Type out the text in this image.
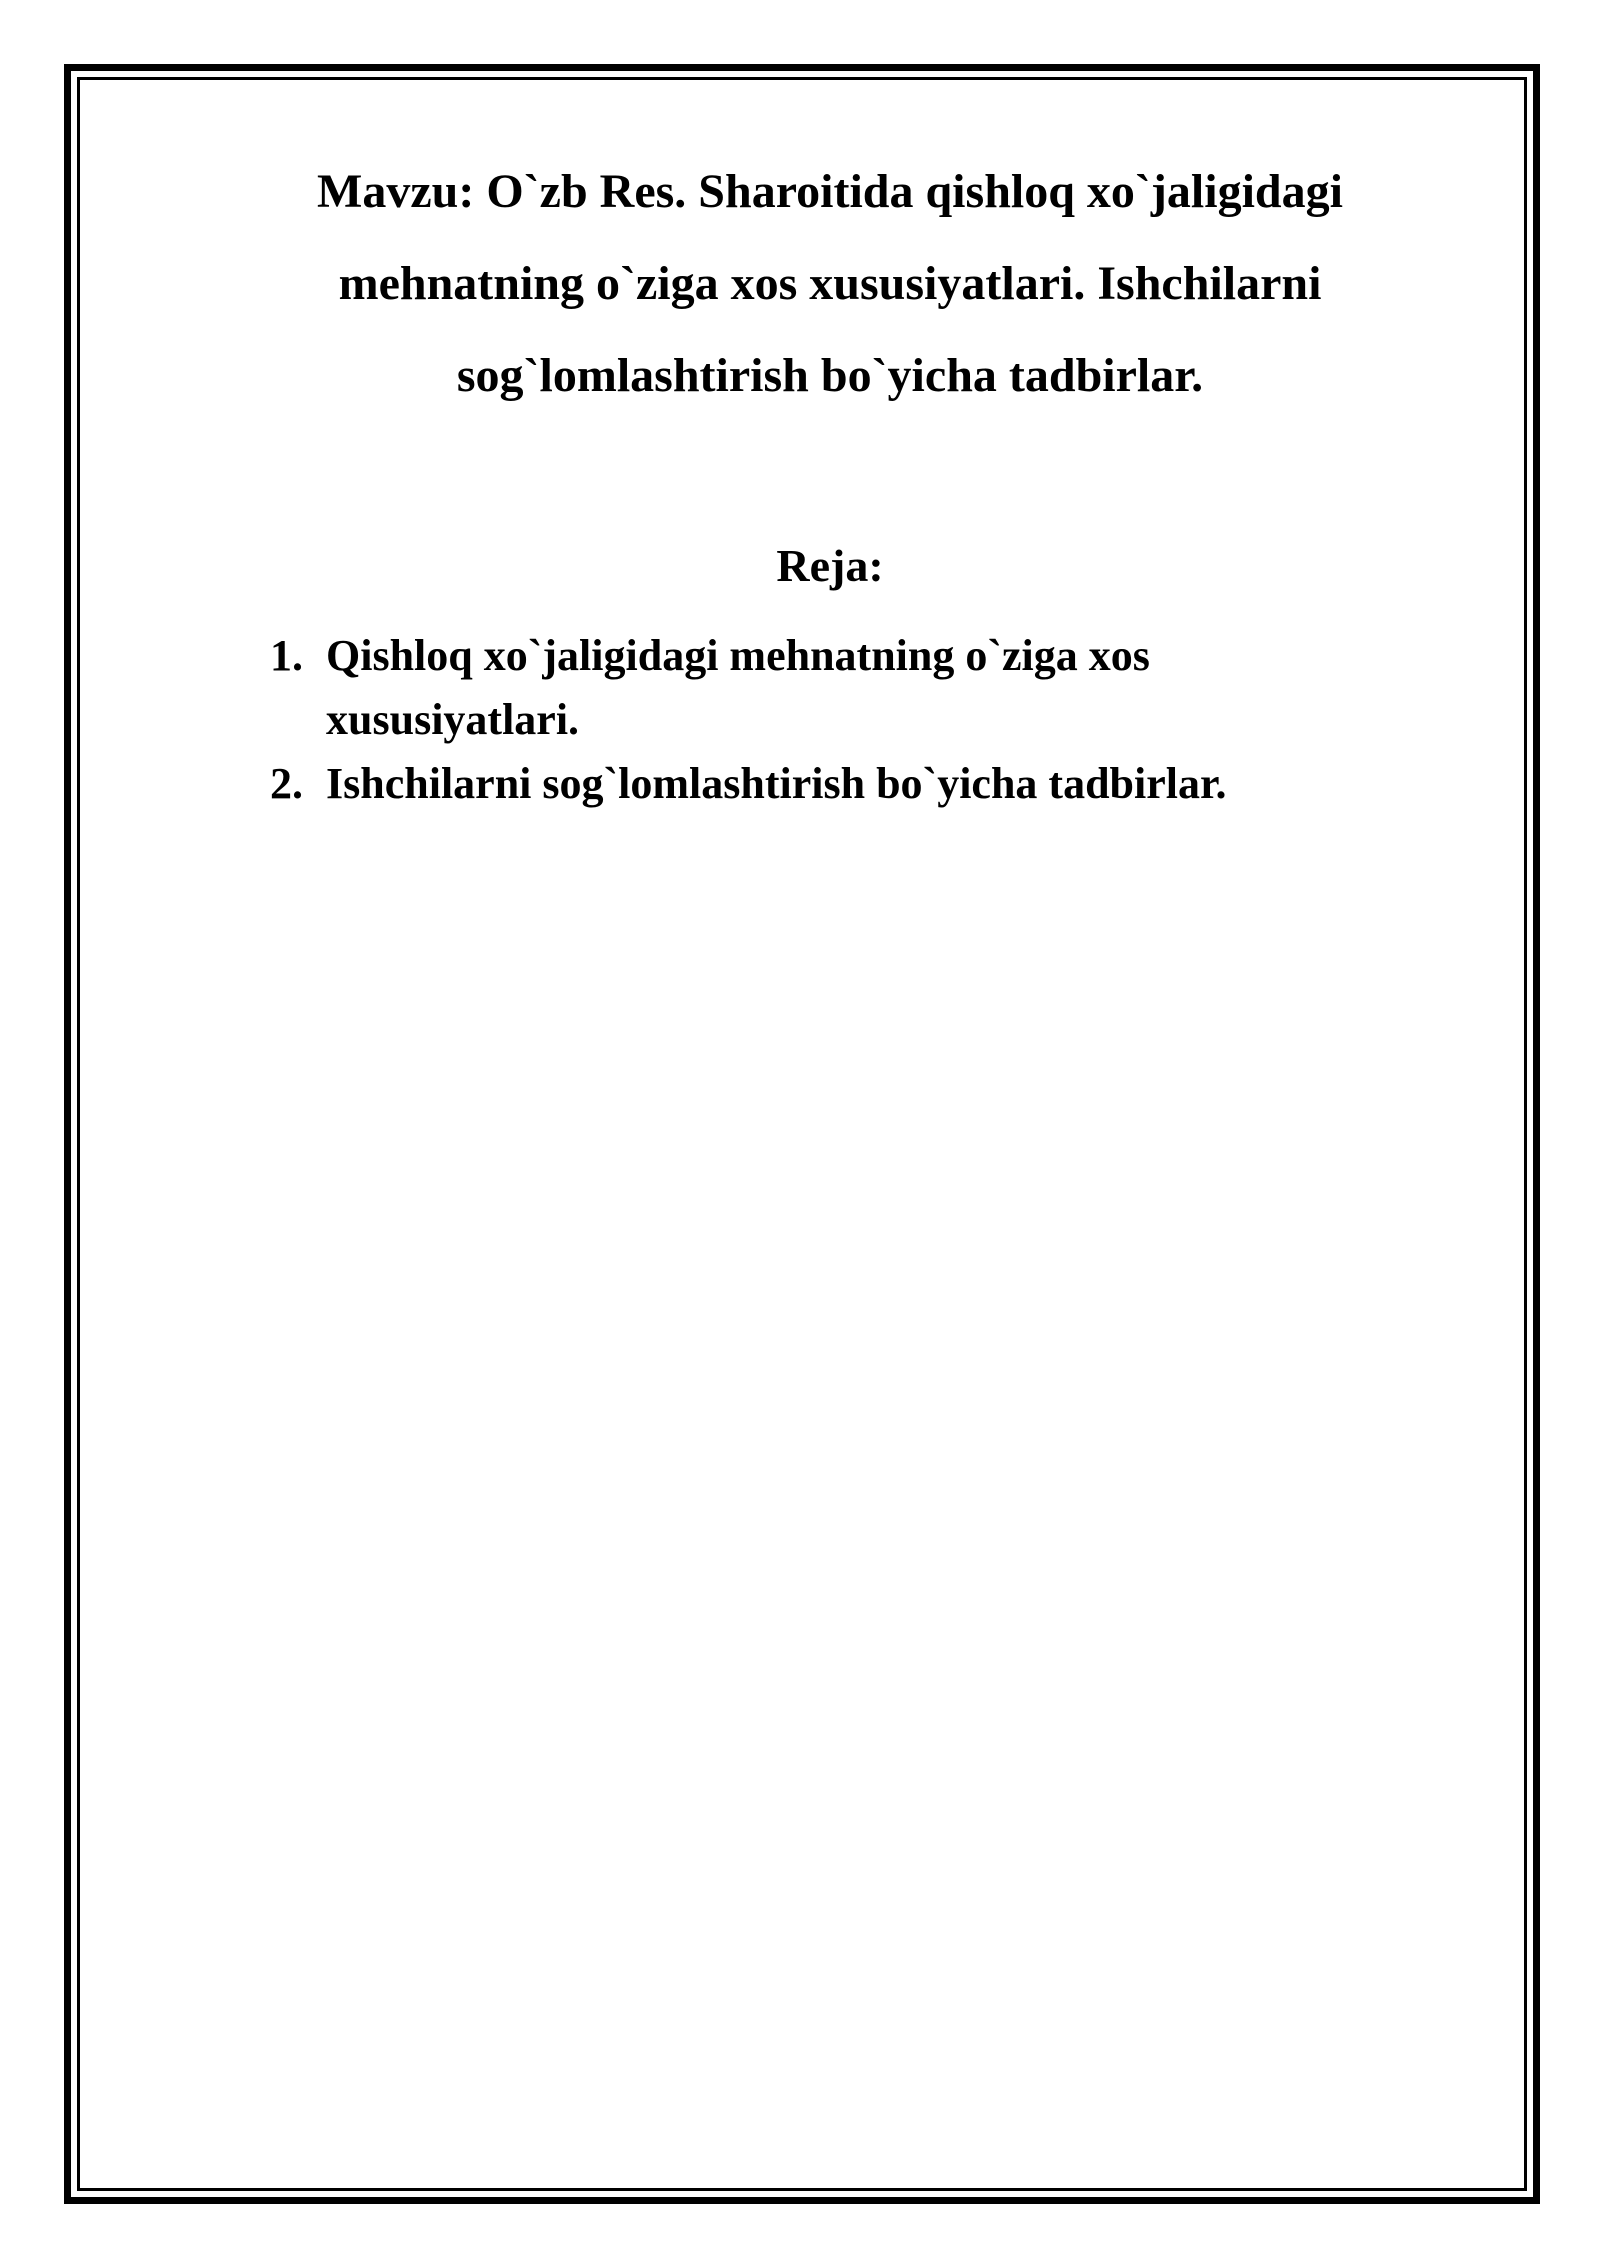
Mavzu: O`zb Res. Sharoitida qishloq xo`jaligidagi
mehnatning o`ziga xos xususiyatlari. Ishchilarni
sog`lomlashtirish bo`yicha tadbirlar.
Reja:
1. Qishloq xo`jaligidagi mehnatning o`ziga xos
xususiyatlari.
2. Ishchilarni sog`lomlashtirish bo`yicha tadbirlar.
